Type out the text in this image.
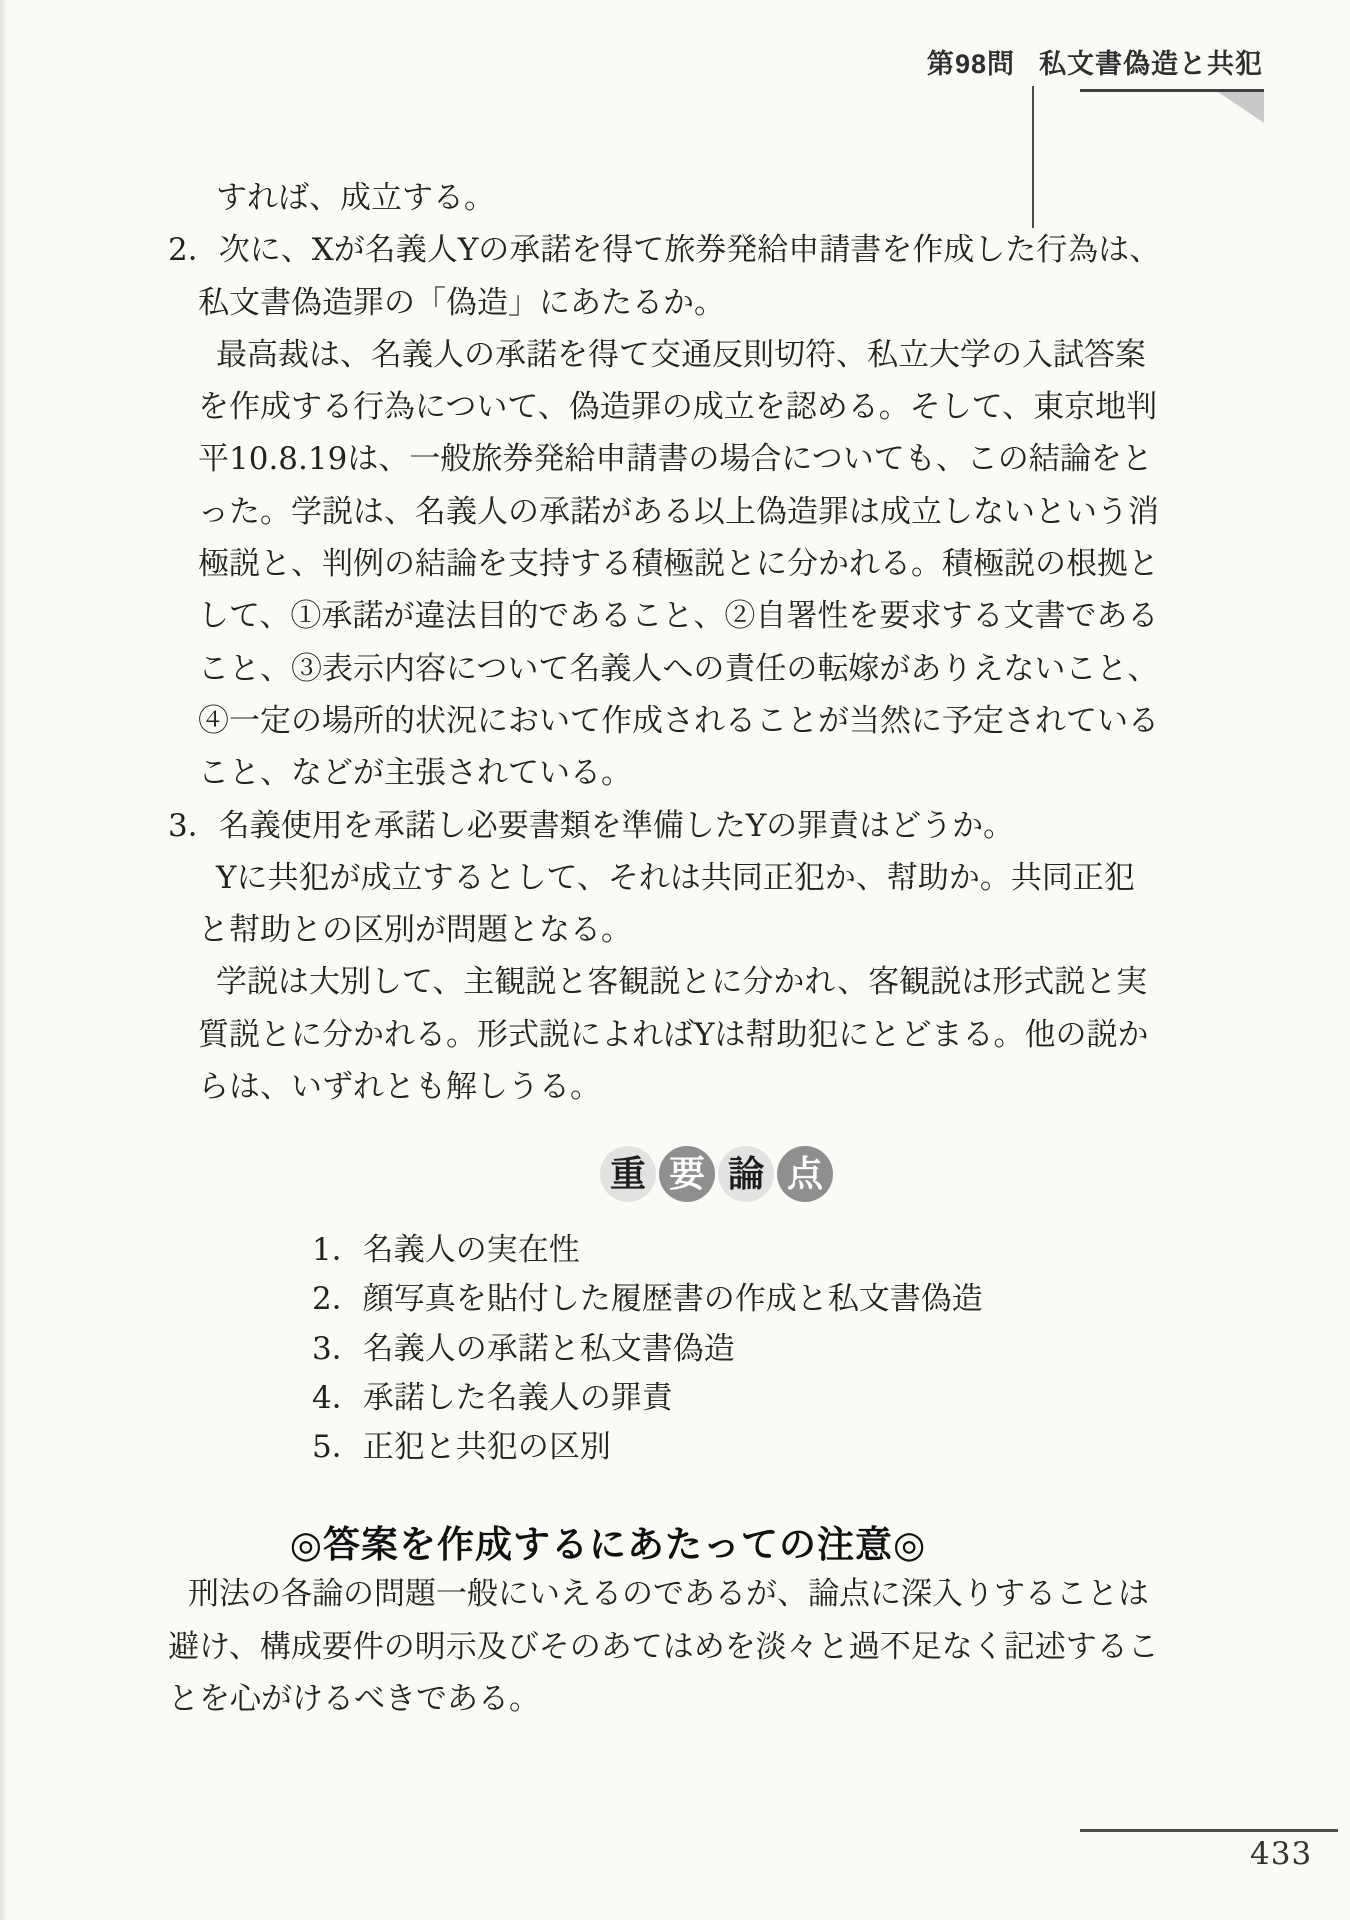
第98問 私文書偽造と共犯
すれば、成立する。
2．次に、Xが名義人Yの承諾を得て旅券発給申請書を作成した行為は、
私文書偽造罪の「偽造」にあたるか。
最高裁は、名義人の承諾を得て交通反則切符、私立大学の入試答案
を作成する行為について、偽造罪の成立を認める。そして、東京地判
平10.8.19は、一般旅券発給申請書の場合についても、この結論をと
った。学説は、名義人の承諾がある以上偽造罪は成立しないという消
極説と、判例の結論を支持する積極説とに分かれる。積極説の根拠と
して、①承諾が違法目的であること、②自署性を要求する文書である
こと、③表示内容について名義人への責任の転嫁がありえないこと、
④一定の場所的状況において作成されることが当然に予定されている
こと、などが主張されている。
3．名義使用を承諾し必要書類を準備したYの罪責はどうか。
Yに共犯が成立するとして、それは共同正犯か、幇助か。共同正犯
と幇助との区別が問題となる。
学説は大別して、主観説と客観説とに分かれ、客観説は形式説と実
質説とに分かれる。形式説によればYは幇助犯にとどまる。他の説か
らは、いずれとも解しうる。
重 要 論 点
1．名義人の実在性
2．顔写真を貼付した履歴書の作成と私文書偽造
3．名義人の承諾と私文書偽造
4．承諾した名義人の罪責
5．正犯と共犯の区別
◎答案を作成するにあたっての注意◎
刑法の各論の問題一般にいえるのであるが、論点に深入りすることは
避け、構成要件の明示及びそのあてはめを淡々と過不足なく記述するこ
とを心がけるべきである。
433
